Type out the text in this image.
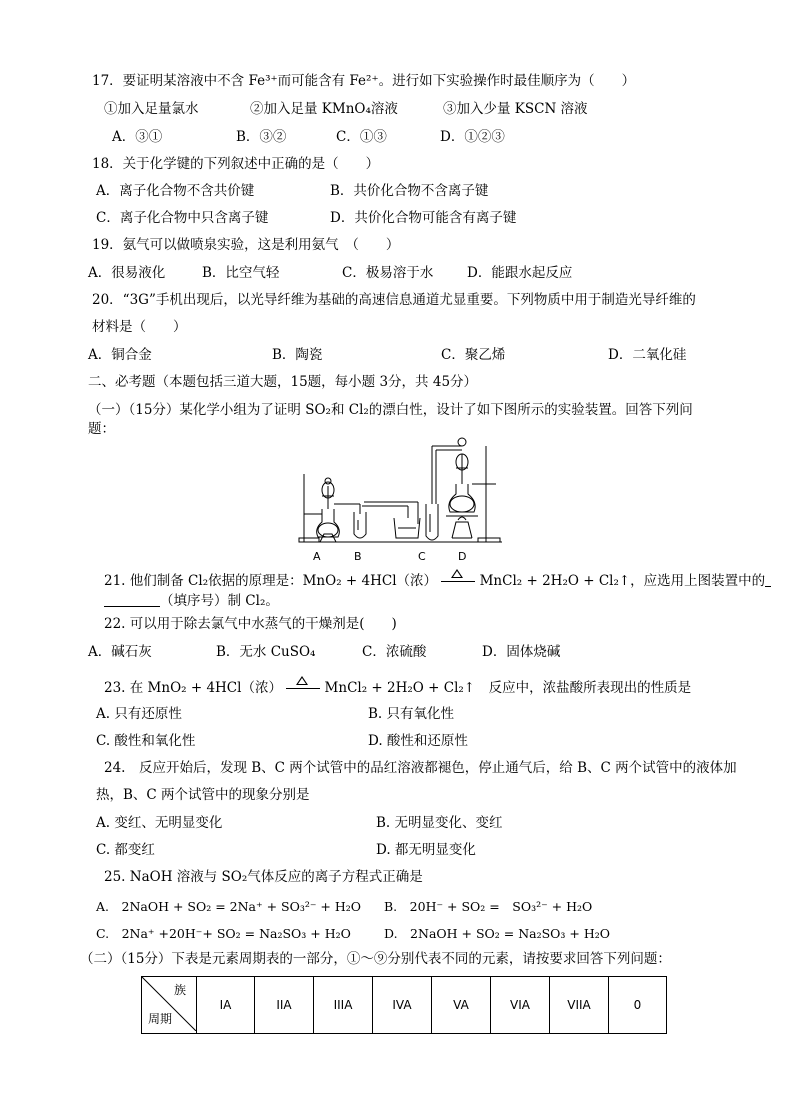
17．要证明某溶液中不含 Fe³⁺而可能含有 Fe²⁺。进行如下实验操作时最佳顺序为（　　）
①加入足量氯水	②加入足量 KMnO₄溶液	③加入少量 KSCN 溶液
A．③①	B．③②	C．①③	D．①②③
18．关于化学键的下列叙述中正确的是（　　）
A．离子化合物不含共价键	B．共价化合物不含离子键
C．离子化合物中只含离子键	D．共价化合物可能含有离子键
19．氨气可以做喷泉实验，这是利用氨气　（　　）
A．很易液化	B．比空气轻	C．极易溶于水 D．能跟水起反应
20．“3G”手机出现后，以光导纤维为基础的高速信息通道尤显重要。下列物质中用于制造光导纤维的
材料是（　　）
A．铜合金	B．陶瓷	C．聚乙烯	D．二氧化硅
二、必考题（本题包括三道大题，15题，每小题 3分，共 45分）
（一）（15分）某化学小组为了证明 SO₂和 Cl₂的漂白性，设计了如下图所示的实验装置。回答下列问
题：
A	B	C	D
21. 他们制备 Cl₂依据的原理是：MnO₂ + 4HCl（浓）	MnCl₂ + 2H₂O + Cl₂↑，应选用上图装置中的
（填序号）制 Cl₂。
22. 可以用于除去氯气中水蒸气的干燥剂是(　　)
A．碱石灰	B．无水 CuSO₄	C．浓硫酸	D．固体烧碱
23. 在 MnO₂ + 4HCl（浓）	MnCl₂ + 2H₂O + Cl₂↑　反应中，浓盐酸所表现出的性质是
A. 只有还原性	B. 只有氧化性
C. 酸性和氧化性	D. 酸性和还原性
24.　反应开始后，发现 B、C 两个试管中的品红溶液都褪色，停止通气后，给 B、C 两个试管中的液体加
热，B、C 两个试管中的现象分别是
A. 变红、无明显变化	B. 无明显变化、变红
C. 都变红	D. 都无明显变化
25. NaOH 溶液与 SO₂气体反应的离子方程式正确是
A.　2NaOH + SO₂ = 2Na⁺ + SO₃²⁻ + H₂O B.　20H⁻ + SO₂ =　SO₃²⁻ + H₂O
C.　2Na⁺ +20H⁻+ SO₂ = Na₂SO₃ + H₂O	D.　2NaOH + SO₂ = Na₂SO₃ + H₂O
（二）（15分）下表是元素周期表的一部分，①～⑨分别代表不同的元素，请按要求回答下列问题：
族
周期
	IA	IIA	IIIA	IVA	VA	VIA	VIIA	0
